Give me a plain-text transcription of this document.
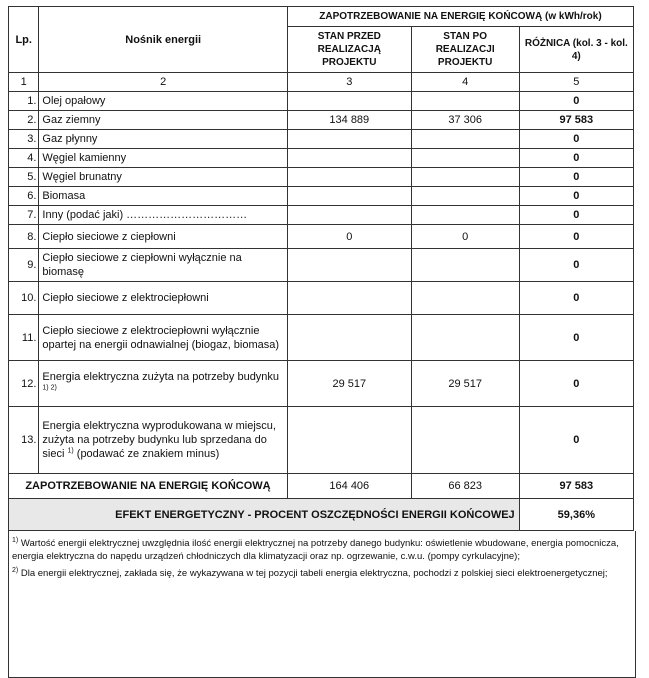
Lp.	Nośnik energii	ZAPOTRZEBOWANIE NA ENERGIĘ KOŃCOWĄ (w kWh/rok)		
		STAN PRZED REALIZACJĄ PROJEKTU	STAN PO REALIZACJI PROJEKTU	RÓŻNICA (kol. 3 - kol. 4)
1	2	3	4	5
1.	Olej opałowy			0
2.	Gaz ziemny	134 889	37 306	97 583
3.	Gaz płynny			0
4.	Węgiel kamienny			0
5.	Węgiel brunatny			0
6.	Biomasa			0
7.	Inny (podać jaki) ……………………………			0
8.	Ciepło sieciowe z ciepłowni	0	0	0
9.	Ciepło sieciowe z ciepłowni wyłącznie na biomasę			0
10.	Ciepło sieciowe z elektrociepłowni			0
11.	Ciepło sieciowe z elektrociepłowni wyłącznie opartej na energii odnawialnej (biogaz, biomasa)			0
12.	Energia elektryczna zużyta na potrzeby budynku $^{1) 2)}$	29 517	29 517	0
13.	Energia elektryczna wyprodukowana w miejscu, zużyta na potrzeby budynku lub sprzedana do sieci $^{1)}$ (podawać ze znakiem minus)			0
ZAPOTRZEBOWANIE NA ENERGIĘ KOŃCOWĄ		164 406	66 823	97 583
EFEKT ENERGETYCZNY - PROCENT OSZCZĘDNOŚCI ENERGII KOŃCOWEJ				59,36%

$^{1)}$ Wartość energii elektrycznej uwzględnia ilość energii elektrycznej na potrzeby danego budynku: oświetlenie wbudowane, energia pomocnicza, energia elektryczna do napędu urządzeń chłodniczych dla klimatyzacji oraz np. ogrzewanie, c.w.u. (pompy cyrkulacyjne);

$^{2)}$ Dla energii elektrycznej, zakłada się, że wykazywana w tej pozycji tabeli energia elektryczna, pochodzi z polskiej sieci elektroenergetycznej;
